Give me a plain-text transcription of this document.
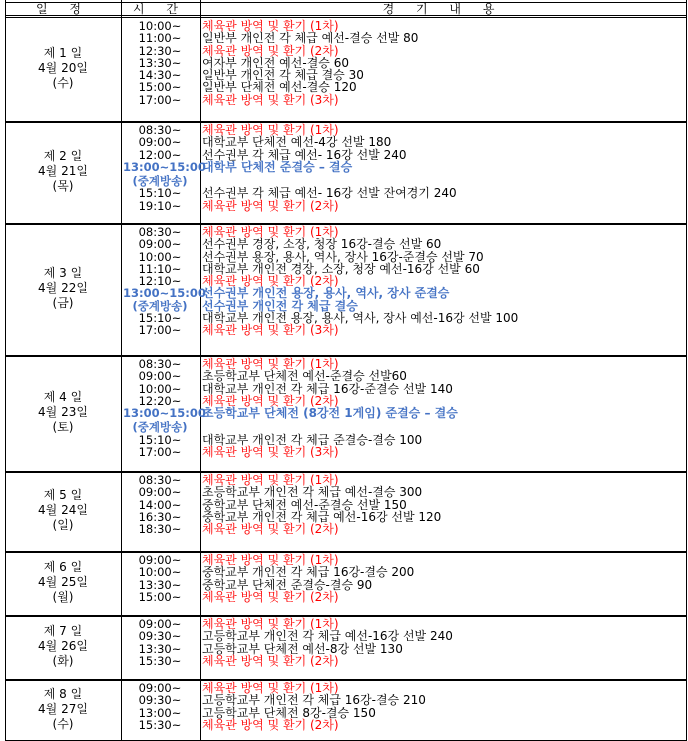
일 정	시 간	경 기 내 용
제 1 일
4월 20일
(수)
10:00~
11:00~
12:30~
13:30~
14:30~
15:00~
17:00~
체육관 방역 및 환기 (1차)
일반부 개인전 각 체급 예선-결승 선발 80
체육관 방역 및 환기 (2차)
여자부 개인전 예선-결승 60
일반부 개인전 각 체급 결승 30
일반부 단체전 예선-결승 120
체육관 방역 및 환기 (3차)
제 2 일
4월 21일
(목)
08:30~
09:00~
12:00~
13:00~15:00
(중계방송)
15:10~
19:10~
체육관 방역 및 환기 (1차)
대학교부 단체전 예선-4강 선발 180
선수권부 각 체급 예선- 16강 선발 240
대학부 단체전 준결승 – 결승
선수권부 각 체급 예선- 16강 선발 잔여경기 240
체육관 방역 및 환기 (2차)
제 3 일
4월 22일
(금)
08:30~
09:00~
10:00~
11:10~
12:10~
13:00~15:00
(중계방송)
15:10~
17:00~
체육관 방역 및 환기 (1차)
선수권부 경장, 소장, 청장 16강-결승 선발 60
선수권부 용장, 용사, 역사, 장사 16강-준결승 선발 70
대학교부 개인전 경장, 소장, 청장 예선-16강 선발 60
체육관 방역 및 환기 (2차)
선수권부 개인전 용장, 용사, 역사, 장사 준결승
선수권부 개인전 각 체급 결승
대학교부 개인전 용장, 용사, 역사, 장사 예선-16강 선발 100
체육관 방역 및 환기 (3차)
제 4 일
4월 23일
(토)
08:30~
09:00~
10:00~
12:20~
13:00~15:00
(중계방송)
15:10~
17:00~
체육관 방역 및 환기 (1차)
초등학교부 단체전 예선-준결승 선발60
대학교부 개인전 각 체급 16강-준결승 선발 140
체육관 방역 및 환기 (2차)
초등학교부 단체전 (8강전 1게임) 준결승 – 결승
대학교부 개인전 각 체급 준결승-결승 100
체육관 방역 및 환기 (3차)
제 5 일
4월 24일
(일)
08:30~
09:00~
14:00~
16:30~
18:30~
체육관 방역 및 환기 (1차)
초등학교부 개인전 각 체급 예선-결승 300
중학교부 단체전 예선-준결승 선발 150
중학교부 개인전 각 체급 예선-16강 선발 120
체육관 방역 및 환기 (2차)
제 6 일
4월 25일
(월)
09:00~
10:00~
13:30~
15:00~
체육관 방역 및 환기 (1차)
중학교부 개인전 각 체급 16강-결승 200
중학교부 단체전 준결승-결승 90
체육관 방역 및 환기 (2차)
제 7 일
4월 26일
(화)
09:00~
09:30~
13:30~
15:30~
체육관 방역 및 환기 (1차)
고등학교부 개인전 각 체급 예선-16강 선발 240
고등학교부 단체전 예선-8강 선발 130
체육관 방역 및 환기 (2차)
제 8 일
4월 27일
(수)
09:00~
09:30~
13:00~
15:30~
체육관 방역 및 환기 (1차)
고등학교부 개인전 각 체급 16강-결승 210
고등학교부 단체전 8강-결승 150
체육관 방역 및 환기 (2차)
